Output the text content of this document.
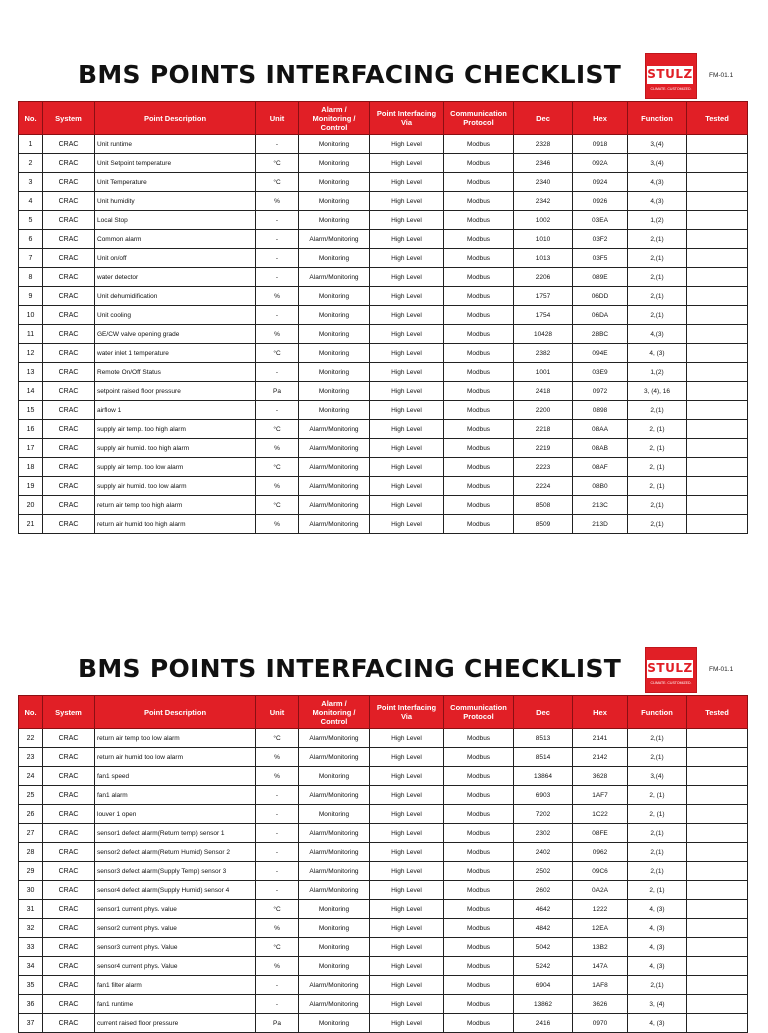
BMS POINTS INTERFACING CHECKLIST STULZ
CLIMATE. CUSTOMIZED.
FM-01.1
No.	System	Point Description	Unit	Alarm / Monitoring / Control	Point Interfacing Via	Communication Protocol	Dec	Hex	Function	Tested
1	CRAC	Unit runtime	-	Monitoring	High Level	Modbus	2328	0918	3,(4)	
2	CRAC	Unit Setpoint temperature	°C	Monitoring	High Level	Modbus	2346	092A	3,(4)	
3	CRAC	Unit Temperature	°C	Monitoring	High Level	Modbus	2340	0924	4,(3)	
4	CRAC	Unit humidity	%	Monitoring	High Level	Modbus	2342	0926	4,(3)	
5	CRAC	Local Stop	-	Monitoring	High Level	Modbus	1002	03EA	1,(2)	
6	CRAC	Common alarm	-	Alarm/Monitoring	High Level	Modbus	1010	03F2	2,(1)	
7	CRAC	Unit on/off	-	Monitoring	High Level	Modbus	1013	03F5	2,(1)	
8	CRAC	water detector	-	Alarm/Monitoring	High Level	Modbus	2206	089E	2,(1)	
9	CRAC	Unit dehumidification	%	Monitoring	High Level	Modbus	1757	06DD	2,(1)	
10	CRAC	Unit cooling	-	Monitoring	High Level	Modbus	1754	06DA	2,(1)	
11	CRAC	GE/CW valve opening grade	%	Monitoring	High Level	Modbus	10428	28BC	4,(3)	
12	CRAC	water inlet 1 temperature	°C	Monitoring	High Level	Modbus	2382	094E	4, (3)	
13	CRAC	Remote On/Off Status	-	Monitoring	High Level	Modbus	1001	03E9	1,(2)	
14	CRAC	setpoint raised floor pressure	Pa	Monitoring	High Level	Modbus	2418	0972	3, (4), 16	
15	CRAC	airflow 1	-	Monitoring	High Level	Modbus	2200	0898	2,(1)	
16	CRAC	supply air temp. too high alarm	°C	Alarm/Monitoring	High Level	Modbus	2218	08AA	2, (1)	
17	CRAC	supply air humid. too high alarm	%	Alarm/Monitoring	High Level	Modbus	2219	08AB	2, (1)	
18	CRAC	supply air temp. too low alarm	°C	Alarm/Monitoring	High Level	Modbus	2223	08AF	2, (1)	
19	CRAC	supply air humid. too low alarm	%	Alarm/Monitoring	High Level	Modbus	2224	08B0	2, (1)	
20	CRAC	return air temp too high alarm	°C	Alarm/Monitoring	High Level	Modbus	8508	213C	2,(1)	
21	CRAC	return air humid too high alarm	%	Alarm/Monitoring	High Level	Modbus	8509	213D	2,(1)	
BMS POINTS INTERFACING CHECKLIST STULZ
CLIMATE. CUSTOMIZED.
FM-01.1
No.	System	Point Description	Unit	Alarm / Monitoring / Control	Point Interfacing Via	Communication Protocol	Dec	Hex	Function	Tested
22	CRAC	return air temp too low alarm	°C	Alarm/Monitoring	High Level	Modbus	8513	2141	2,(1)	
23	CRAC	return air humid too low alarm	%	Alarm/Monitoring	High Level	Modbus	8514	2142	2,(1)	
24	CRAC	fan1 speed	%	Monitoring	High Level	Modbus	13864	3628	3,(4)	
25	CRAC	fan1 alarm	-	Alarm/Monitoring	High Level	Modbus	6903	1AF7	2, (1)	
26	CRAC	louver 1 open	-	Monitoring	High Level	Modbus	7202	1C22	2, (1)	
27	CRAC	sensor1 defect alarm(Return temp) sensor 1	-	Alarm/Monitoring	High Level	Modbus	2302	08FE	2,(1)	
28	CRAC	sensor2 defect alarm(Return Humid) Sensor 2	-	Alarm/Monitoring	High Level	Modbus	2402	0962	2,(1)	
29	CRAC	sensor3 defect alarm(Supply Temp) sensor 3	-	Alarm/Monitoring	High Level	Modbus	2502	09C6	2,(1)	
30	CRAC	sensor4 defect alarm(Supply Humid) sensor 4	-	Alarm/Monitoring	High Level	Modbus	2602	0A2A	2, (1)	
31	CRAC	sensor1 current phys. value	°C	Monitoring	High Level	Modbus	4642	1222	4, (3)	
32	CRAC	sensor2 current phys. value	%	Monitoring	High Level	Modbus	4842	12EA	4, (3)	
33	CRAC	sensor3 current phys. Value	°C	Monitoring	High Level	Modbus	5042	13B2	4, (3)	
34	CRAC	sensor4 current phys. Value	%	Monitoring	High Level	Modbus	5242	147A	4, (3)	
35	CRAC	fan1 filter alarm	-	Alarm/Monitoring	High Level	Modbus	6904	1AF8	2,(1)	
36	CRAC	fan1 runtime	-	Alarm/Monitoring	High Level	Modbus	13862	3626	3, (4)	
37	CRAC	current raised floor pressure	Pa	Monitoring	High Level	Modbus	2416	0970	4, (3)	
